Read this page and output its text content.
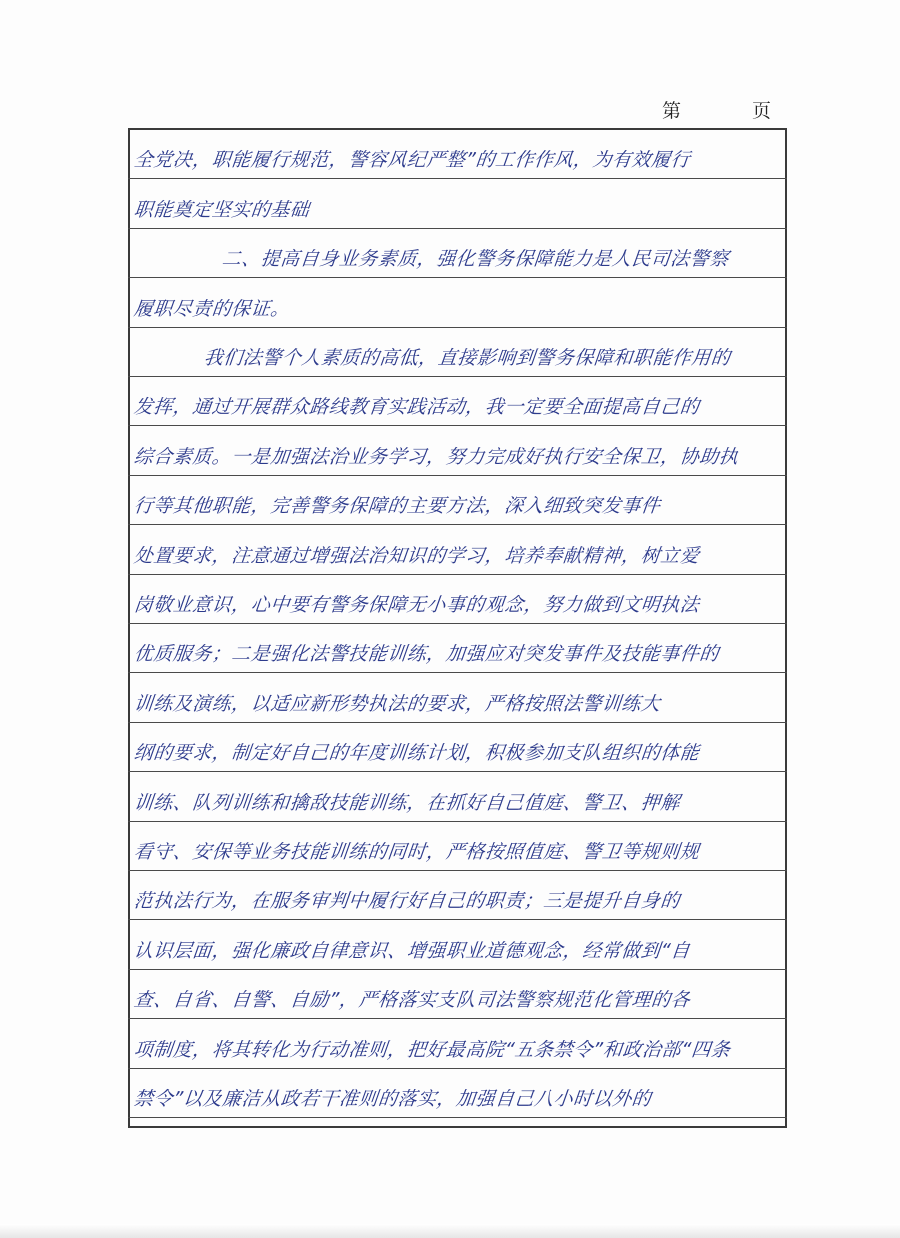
第	页
全党决，职能履行规范，警容风纪严整”的工作作风，为有效履行
职能奠定坚实的基础
二、提高自身业务素质，强化警务保障能力是人民司法警察
履职尽责的保证。
我们法警个人素质的高低，直接影响到警务保障和职能作用的
发挥，通过开展群众路线教育实践活动，我一定要全面提高自己的
综合素质。一是加强法治业务学习，努力完成好执行安全保卫，协助执
行等其他职能，完善警务保障的主要方法，深入细致突发事件
处置要求，注意通过增强法治知识的学习，培养奉献精神，树立爱
岗敬业意识，心中要有警务保障无小事的观念，努力做到文明执法
优质服务；二是强化法警技能训练，加强应对突发事件及技能事件的
训练及演练，以适应新形势执法的要求，严格按照法警训练大
纲的要求，制定好自己的年度训练计划，积极参加支队组织的体能
训练、队列训练和擒敌技能训练，在抓好自己值庭、警卫、押解
看守、安保等业务技能训练的同时，严格按照值庭、警卫等规则规
范执法行为，在服务审判中履行好自己的职责；三是提升自身的
认识层面，强化廉政自律意识、增强职业道德观念，经常做到“自
查、自省、自警、自励”，严格落实支队司法警察规范化管理的各
项制度，将其转化为行动准则，把好最高院“五条禁令”和政治部“四条
禁令”以及廉洁从政若干准则的落实，加强自己八小时以外的
